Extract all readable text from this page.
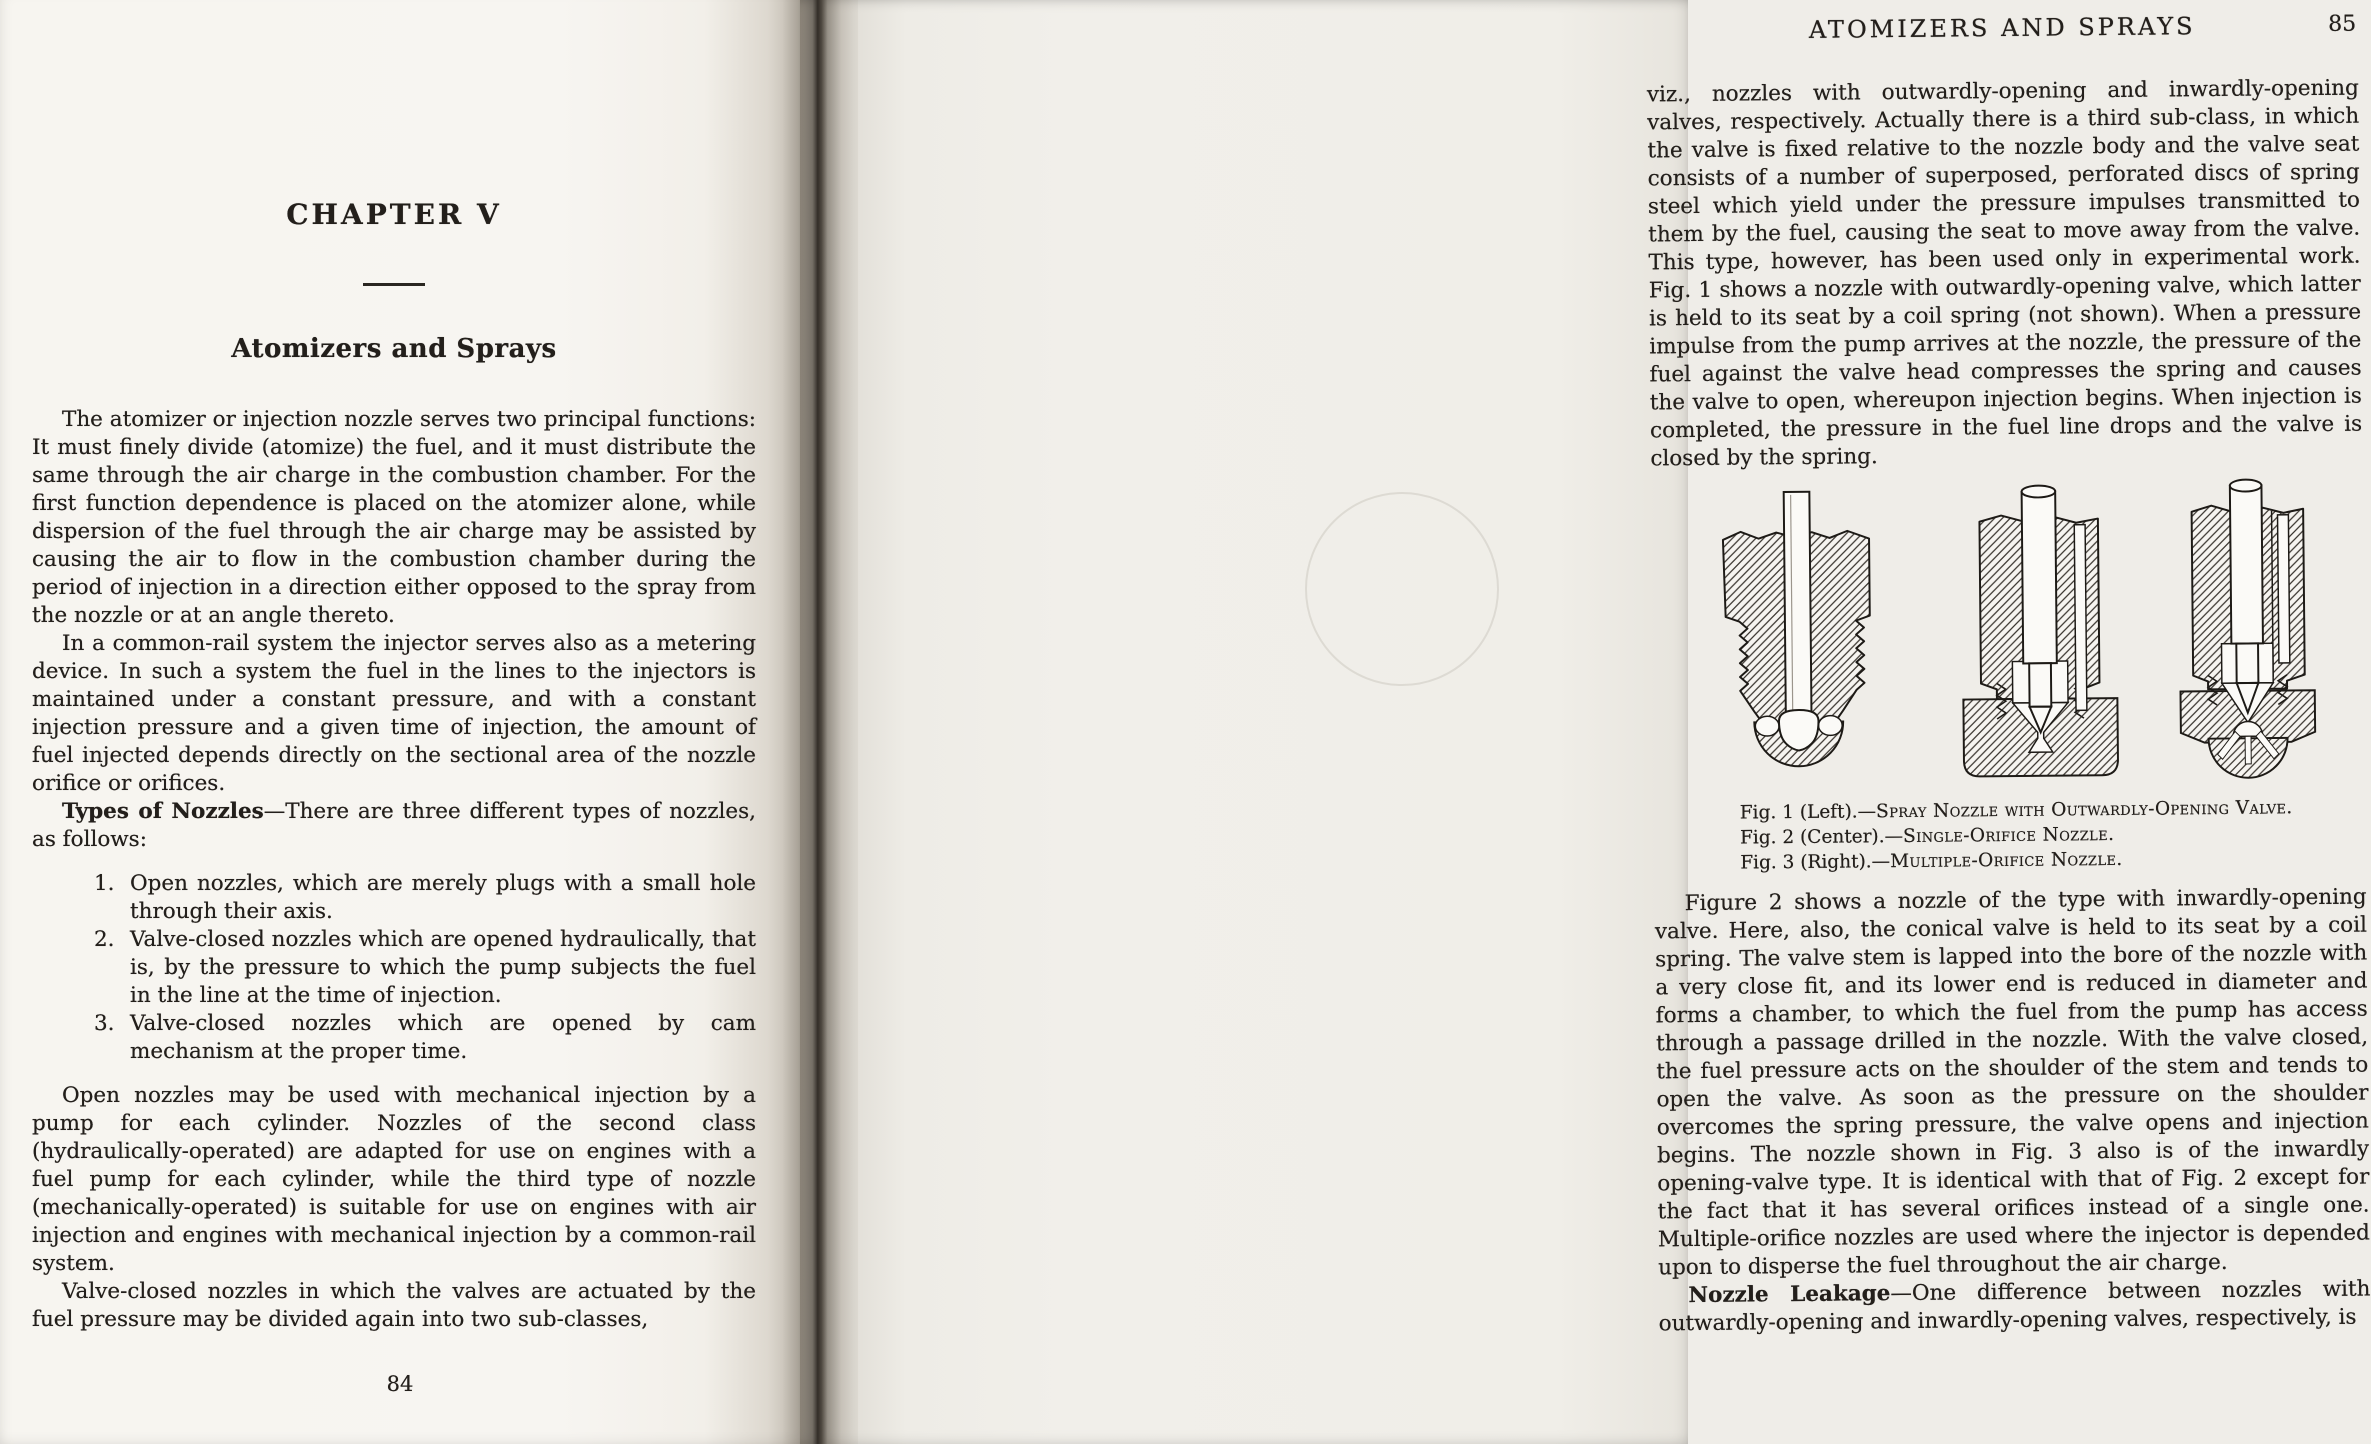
CHAPTER V
Atomizers and Sprays

The atomizer or injection nozzle serves two principal functions: It must finely divide (atomize) the fuel, and it must distribute the same through the air charge in the combustion chamber. For the first function dependence is placed on the atomizer alone, while dispersion of the fuel through the air charge may be assisted by causing the air to flow in the combustion chamber during the period of injection in a direction either opposed to the spray from the nozzle or at an angle thereto.

In a common-rail system the injector serves also as a metering device. In such a system the fuel in the lines to the injectors is maintained under a constant pressure, and with a constant injection pressure and a given time of injection, the amount of fuel injected depends directly on the sectional area of the nozzle orifice or orifices.

Types of Nozzles—There are three different types of nozzles, as follows:

1. Open nozzles, which are merely plugs with a small hole through their axis.
2. Valve-closed nozzles which are opened hydraulically, that is, by the pressure to which the pump subjects the fuel in the line at the time of injection.
3. Valve-closed nozzles which are opened by cam mechanism at the proper time.

Open nozzles may be used with mechanical injection by a pump for each cylinder. Nozzles of the second class (hydraulically-operated) are adapted for use on engines with a fuel pump for each cylinder, while the third type of nozzle (mechanically-operated) is suitable for use on engines with air injection and engines with mechanical injection by a common-rail system.

Valve-closed nozzles in which the valves are actuated by the fuel pressure may be divided again into two sub-classes,

84
ATOMIZERS AND SPRAYS	85

viz., nozzles with outwardly-opening and inwardly-opening valves, respectively. Actually there is a third sub-class, in which the valve is fixed relative to the nozzle body and the valve seat consists of a number of superposed, perforated discs of spring steel which yield under the pressure impulses transmitted to them by the fuel, causing the seat to move away from the valve. This type, however, has been used only in experimental work. Fig. 1 shows a nozzle with outwardly-opening valve, which latter is held to its seat by a coil spring (not shown). When a pressure impulse from the pump arrives at the nozzle, the pressure of the fuel against the valve head compresses the spring and causes the valve to open, whereupon injection begins. When injection is completed, the pressure in the fuel line drops and the valve is closed by the spring.

Fig. 1 (Left).—Spray Nozzle with Outwardly-Opening Valve.
Fig. 2 (Center).—Single-Orifice Nozzle.
Fig. 3 (Right).—Multiple-Orifice Nozzle.

Figure 2 shows a nozzle of the type with inwardly-opening valve. Here, also, the conical valve is held to its seat by a coil spring. The valve stem is lapped into the bore of the nozzle with a very close fit, and its lower end is reduced in diameter and forms a chamber, to which the fuel from the pump has access through a passage drilled in the nozzle. With the valve closed, the fuel pressure acts on the shoulder of the stem and tends to open the valve. As soon as the pressure on the shoulder overcomes the spring pressure, the valve opens and injection begins. The nozzle shown in Fig. 3 also is of the inwardly opening-valve type. It is identical with that of Fig. 2 except for the fact that it has several orifices instead of a single one. Multiple-orifice nozzles are used where the injector is depended upon to disperse the fuel throughout the air charge.

Nozzle Leakage—One difference between nozzles with outwardly-opening and inwardly-opening valves, respectively, is
